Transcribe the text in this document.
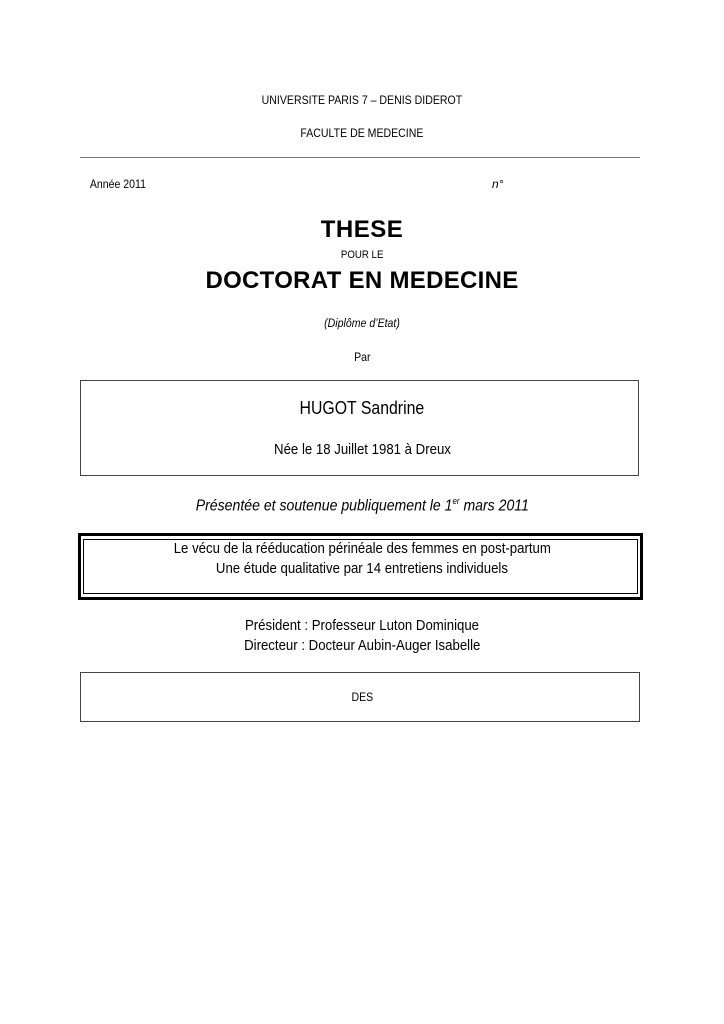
UNIVERSITE PARIS 7 – DENIS DIDEROT
FACULTE DE MEDECINE
Année 2011	n°
THESE
POUR LE
DOCTORAT EN MEDECINE
(Diplôme d’Etat)
Par
HUGOT Sandrine
Née le 18 Juillet 1981 à Dreux
Présentée et soutenue publiquement le 1er mars 2011
Le vécu de la rééducation périnéale des femmes en post-partum
Une étude qualitative par 14 entretiens individuels
Président : Professeur Luton Dominique
Directeur : Docteur Aubin-Auger Isabelle
DES
